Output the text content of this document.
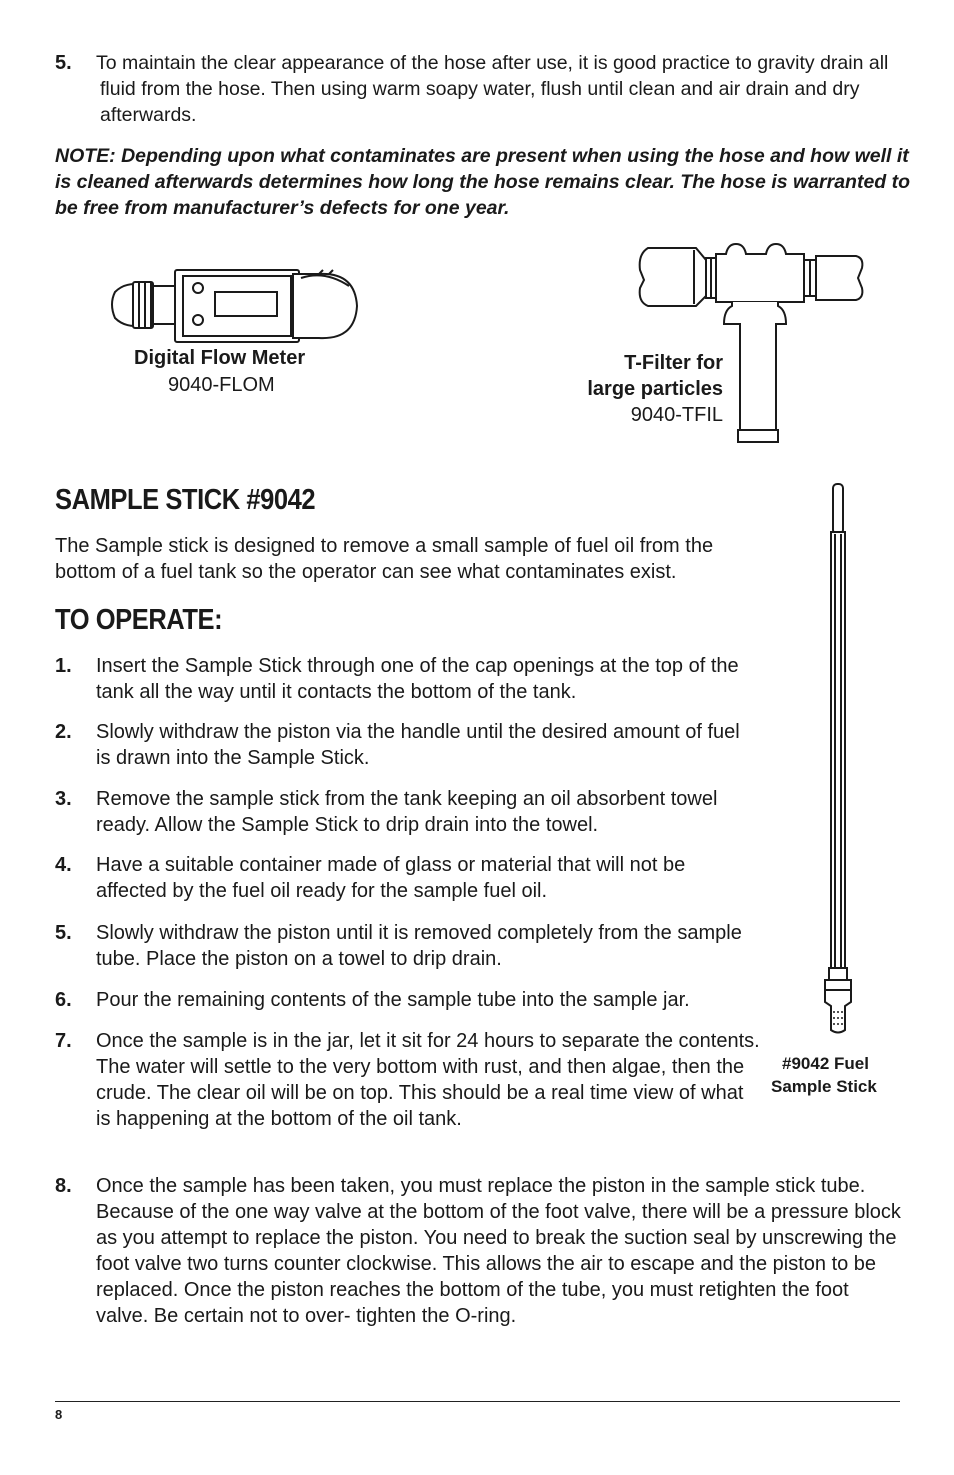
5.	To maintain the clear appearance of the hose after use, it is good practice to gravity drain all fluid from the hose. Then using warm soapy water, flush until clean and air drain and dry afterwards.
NOTE: Depending upon what contaminates are present when using the hose and how well it is cleaned afterwards determines how long the hose remains clear. The hose is warranted to be free from manufacturer’s defects for one year.
Digital Flow Meter
9040-FLOM
T-Filter for
large particles
9040-TFIL
SAMPLE STICK #9042
The Sample stick is designed to remove a small sample of fuel oil from the bottom of a fuel tank so the operator can see what contaminates exist.
TO OPERATE:
1.	Insert the Sample Stick through one of the cap openings at the top of the tank all the way until it contacts the bottom of the tank.
2.	Slowly withdraw the piston via the handle until the desired amount of fuel is drawn into the Sample Stick.
3.	Remove the sample stick from the tank keeping an oil absorbent towel ready. Allow the Sample Stick to drip drain into the towel.
4.	Have a suitable container made of glass or material that will not be affected by the fuel oil ready for the sample fuel oil.
5.	Slowly withdraw the piston until it is removed completely from the sample tube. Place the piston on a towel to drip drain.
6.	Pour the remaining contents of the sample tube into the sample jar.
7.	Once the sample is in the jar, let it sit for 24 hours to separate the contents. The water will settle to the very bottom with rust, and then algae, then the crude. The clear oil will be on top. This should be a real time view of what is happening at the bottom of the oil tank.
#9042 Fuel
Sample Stick
8.	Once the sample has been taken, you must replace the piston in the sample stick tube. Because of the one way valve at the bottom of the foot valve, there will be a pressure block as you attempt to replace the piston. You need to break the suction seal by unscrewing the foot valve two turns counter clockwise. This allows the air to escape and the piston to be replaced. Once the piston reaches the bottom of the tube, you must retighten the foot valve. Be certain not to over- tighten the O-ring.
8
